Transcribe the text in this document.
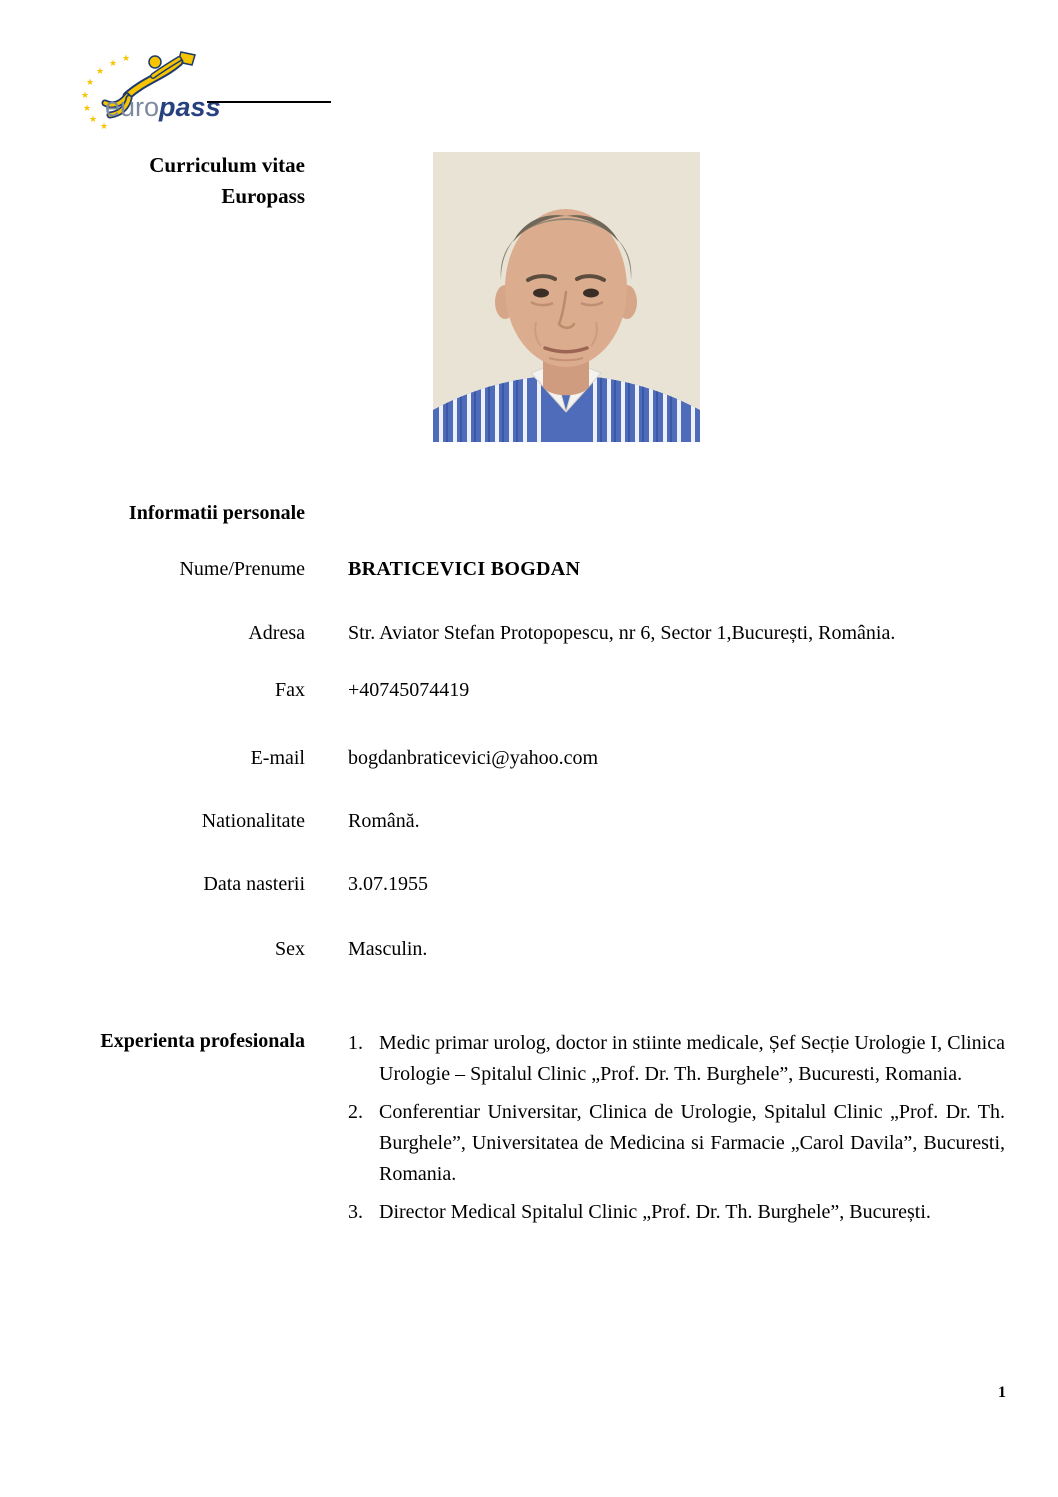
★
★
★
★
★
★
★
★
europass
Curriculum vitae
Europass
Informatii personale
Nume/Prenume BRATICEVICI BOGDAN
Adresa Str. Aviator Stefan Protopopescu, nr 6, Sector 1,București, România.
Fax +40745074419
E-mail bogdanbraticevici@yahoo.com
Nationalitate Română.
Data nasterii 3.07.1955
Sex Masculin.
Experienta profesionala 1. Medic primar urolog, doctor in stiinte medicale, Șef Secție Urologie I, Clinica Urologie – Spitalul Clinic „Prof. Dr. Th. Burghele”, Bucuresti, Romania.
2. Conferentiar Universitar, Clinica de Urologie, Spitalul Clinic „Prof. Dr. Th. Burghele”, Universitatea de Medicina si Farmacie „Carol Davila”, Bucuresti, Romania.
3. Director Medical Spitalul Clinic „Prof. Dr. Th. Burghele”, București.
1
